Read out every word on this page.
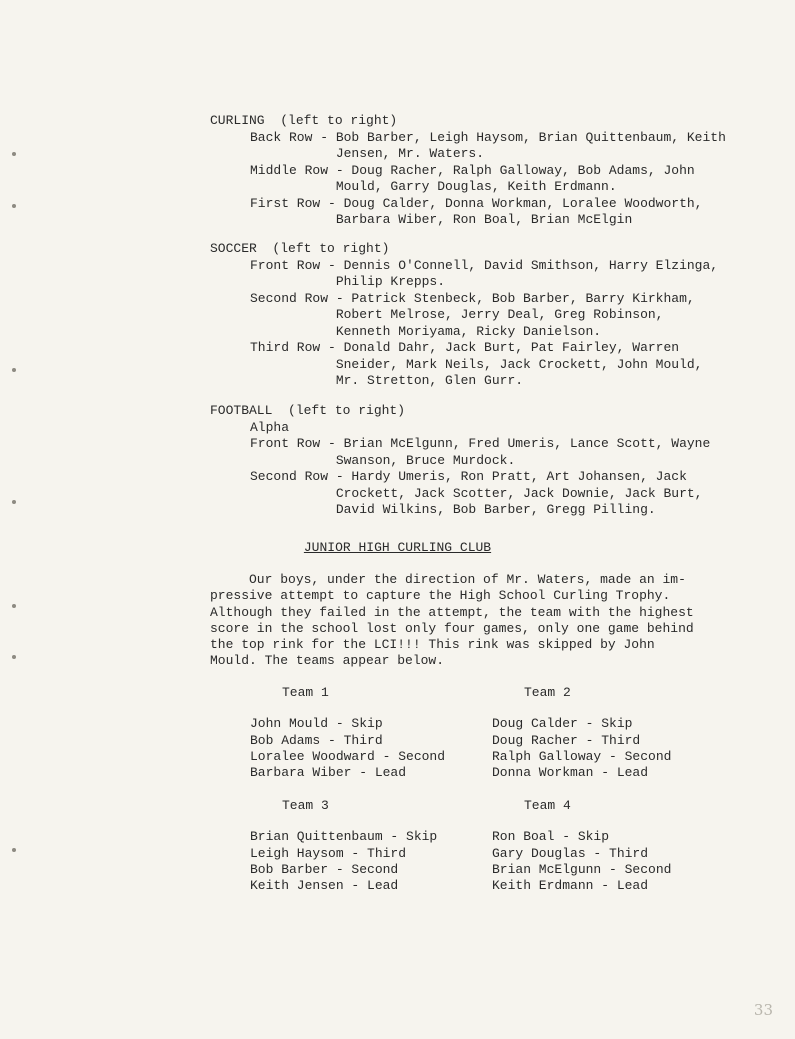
CURLING  (left to right)
Back Row - Bob Barber, Leigh Haysom, Brian Quittenbaum, Keith
Jensen, Mr. Waters.
Middle Row - Doug Racher, Ralph Galloway, Bob Adams, John
Mould, Garry Douglas, Keith Erdmann.
First Row - Doug Calder, Donna Workman, Loralee Woodworth,
Barbara Wiber, Ron Boal, Brian McElgin
SOCCER  (left to right)
Front Row - Dennis O'Connell, David Smithson, Harry Elzinga,
Philip Krepps.
Second Row - Patrick Stenbeck, Bob Barber, Barry Kirkham,
Robert Melrose, Jerry Deal, Greg Robinson,
Kenneth Moriyama, Ricky Danielson.
Third Row - Donald Dahr, Jack Burt, Pat Fairley, Warren
Sneider, Mark Neils, Jack Crockett, John Mould,
Mr. Stretton, Glen Gurr.
FOOTBALL  (left to right)
Alpha
Front Row - Brian McElgunn, Fred Umeris, Lance Scott, Wayne
Swanson, Bruce Murdock.
Second Row - Hardy Umeris, Ron Pratt, Art Johansen, Jack
Crockett, Jack Scotter, Jack Downie, Jack Burt,
David Wilkins, Bob Barber, Gregg Pilling.
JUNIOR HIGH CURLING CLUB
Our boys, under the direction of Mr. Waters, made an im-
pressive attempt to capture the High School Curling Trophy.
Although they failed in the attempt, the team with the highest
score in the school lost only four games, only one game behind
the top rink for the LCI!!! This rink was skipped by John
Mould. The teams appear below.
Team 1
John Mould - Skip
Bob Adams - Third
Loralee Woodward - Second
Barbara Wiber - Lead
Team 2
Doug Calder - Skip
Doug Racher - Third
Ralph Galloway - Second
Donna Workman - Lead
Team 3
Brian Quittenbaum - Skip
Leigh Haysom - Third
Bob Barber - Second
Keith Jensen - Lead
Team 4
Ron Boal - Skip
Gary Douglas - Third
Brian McElgunn - Second
Keith Erdmann - Lead
33
